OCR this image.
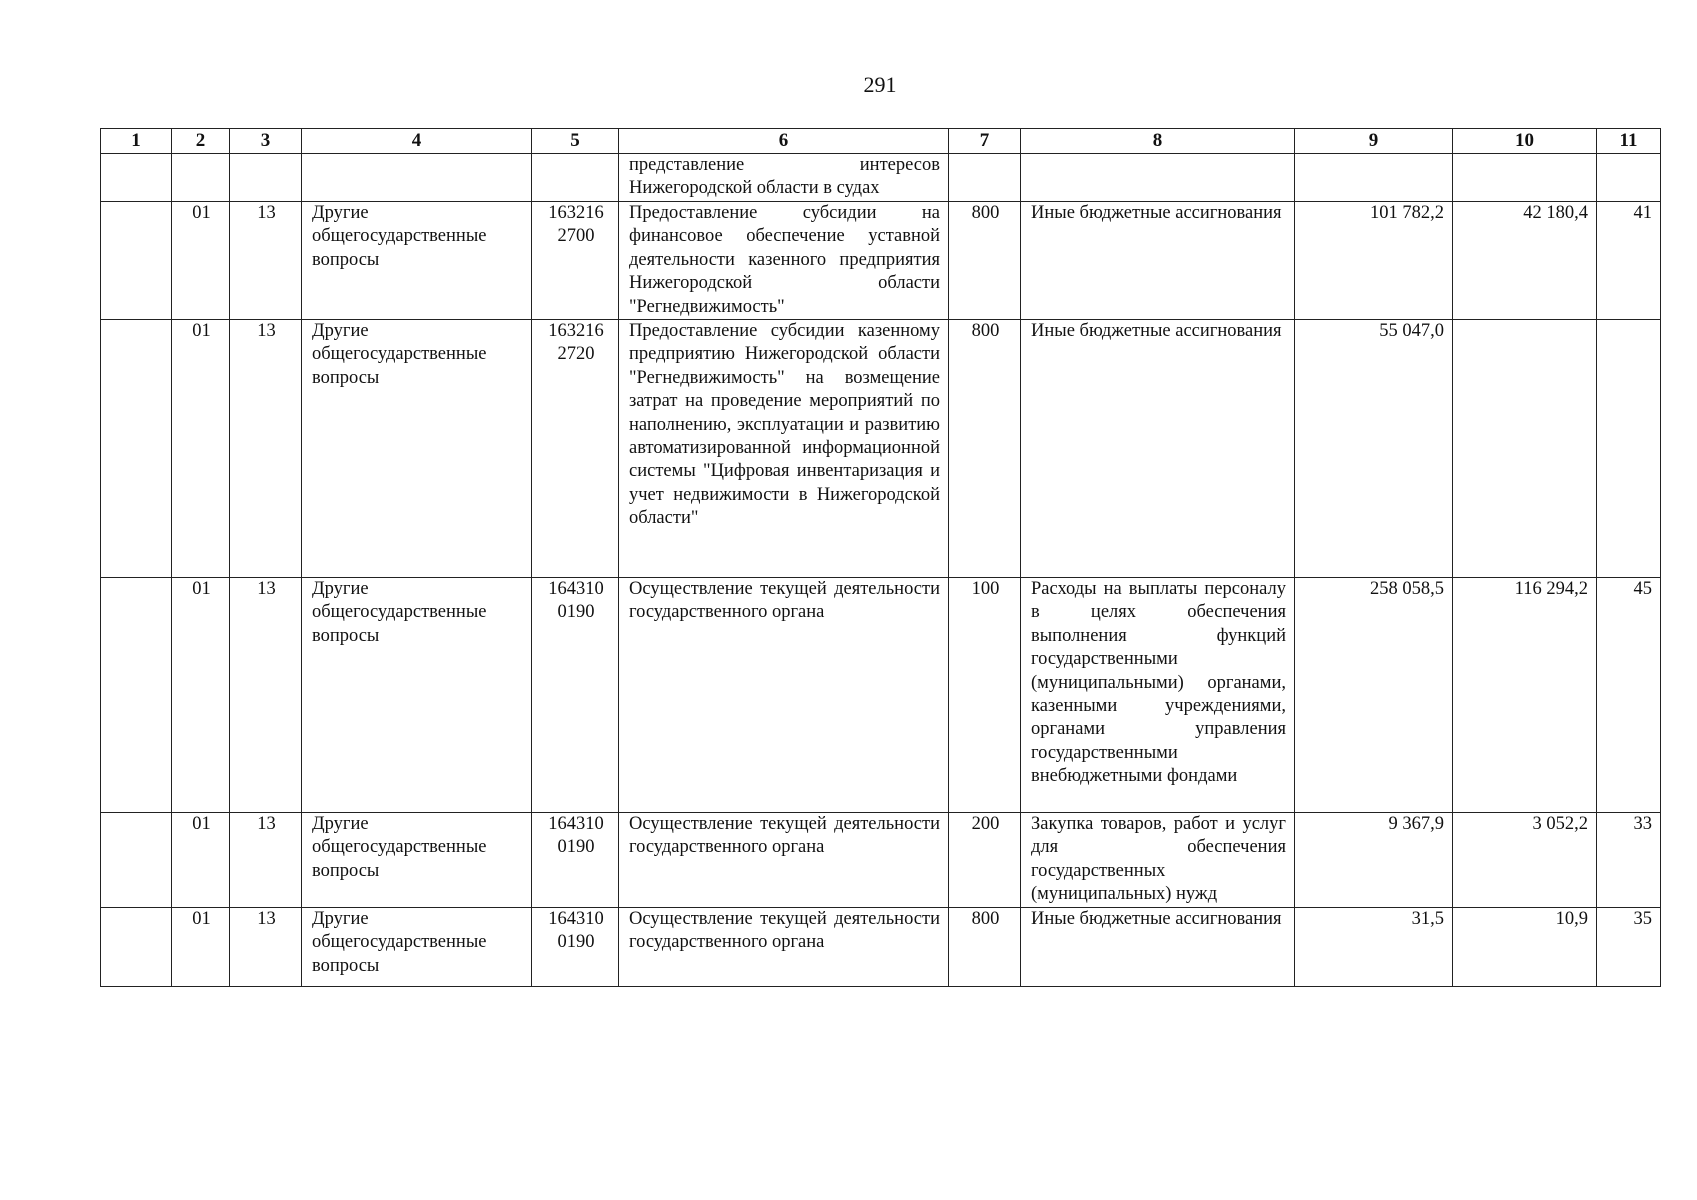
291
1	2	3	4	5	6	7	8	9	10	11
					представление интересов Нижегородской области в судах					
	01	13	Другие общегосударственные вопросы	163216 2700	Предоставление субсидии на финансовое обеспечение уставной деятельности казенного предприятия Нижегородской области "Регнедвижимость"	800	Иные бюджетные ассигнования	101 782,2	42 180,4	41
	01	13	Другие общегосударственные вопросы	163216 2720	Предоставление субсидии казенному предприятию Нижегородской области "Регнедвижимость" на возмещение затрат на проведение мероприятий по наполнению, эксплуатации и развитию автоматизированной информационной системы "Цифровая инвентаризация и учет недвижимости в Нижегородской области"	800	Иные бюджетные ассигнования	55 047,0		
	01	13	Другие общегосударственные вопросы	164310 0190	Осуществление текущей деятельности государственного органа	100	Расходы на выплаты персоналу в целях обеспечения выполнения функций государственными (муниципальными) органами, казенными учреждениями, органами управления государственными внебюджетными фондами	258 058,5	116 294,2	45
	01	13	Другие общегосударственные вопросы	164310 0190	Осуществление текущей деятельности государственного органа	200	Закупка товаров, работ и услуг для обеспечения государственных (муниципальных) нужд	9 367,9	3 052,2	33
	01	13	Другие общегосударственные вопросы	164310 0190	Осуществление текущей деятельности государственного органа	800	Иные бюджетные ассигнования	31,5	10,9	35
